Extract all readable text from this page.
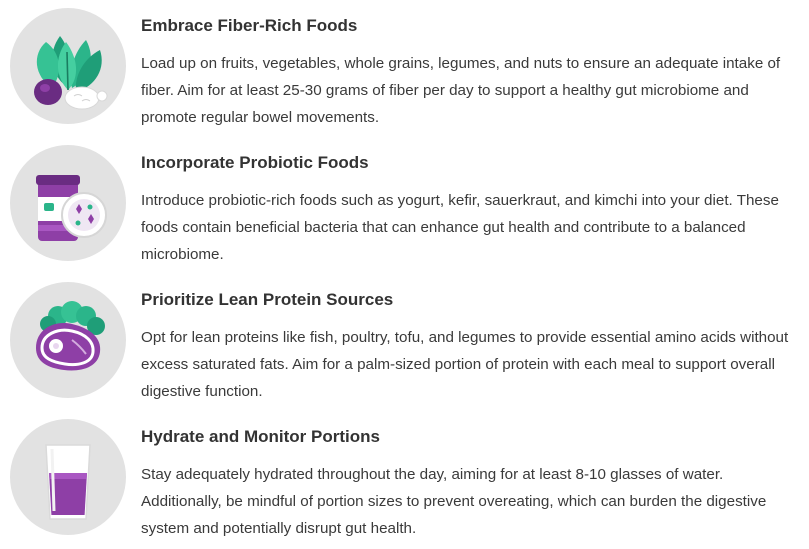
Embrace Fiber-Rich Foods

Load up on fruits, vegetables, whole grains, legumes, and nuts to ensure an adequate intake of fiber. Aim for at least 25-30 grams of fiber per day to support a healthy gut microbiome and promote regular bowel movements.

Incorporate Probiotic Foods

Introduce probiotic-rich foods such as yogurt, kefir, sauerkraut, and kimchi into your diet. These foods contain beneficial bacteria that can enhance gut health and contribute to a balanced microbiome.

Prioritize Lean Protein Sources

Opt for lean proteins like fish, poultry, tofu, and legumes to provide essential amino acids without excess saturated fats. Aim for a palm-sized portion of protein with each meal to support overall digestive function.

Hydrate and Monitor Portions

Stay adequately hydrated throughout the day, aiming for at least 8-10 glasses of water. Additionally, be mindful of portion sizes to prevent overeating, which can burden the digestive system and potentially disrupt gut health.
